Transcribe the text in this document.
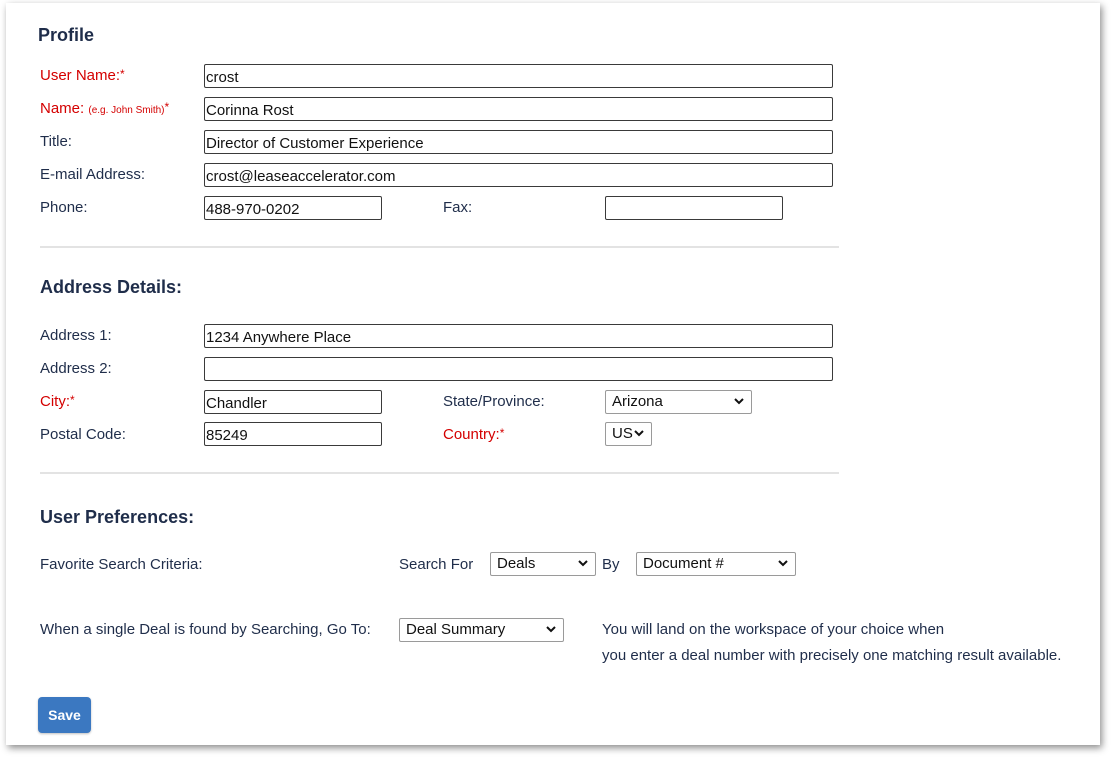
Profile
User Name:*
crost
Name: (e.g. John Smith)*
Corinna Rost
Title:
Director of Customer Experience
E-mail Address:
crost@leaseaccelerator.com
Phone:
488-970-0202	Fax:
Address Details:
Address 1:
1234 Anywhere Place
Address 2:
City:*
Chandler	State/Province:	Arizona
Postal Code:
85249	Country:*	US
User Preferences:
Favorite Search Criteria:	Search For	Deals	By	Document #
When a single Deal is found by Searching, Go To:	Deal Summary	You will land on the workspace of your choice when
you enter a deal number with precisely one matching result available.
Save
